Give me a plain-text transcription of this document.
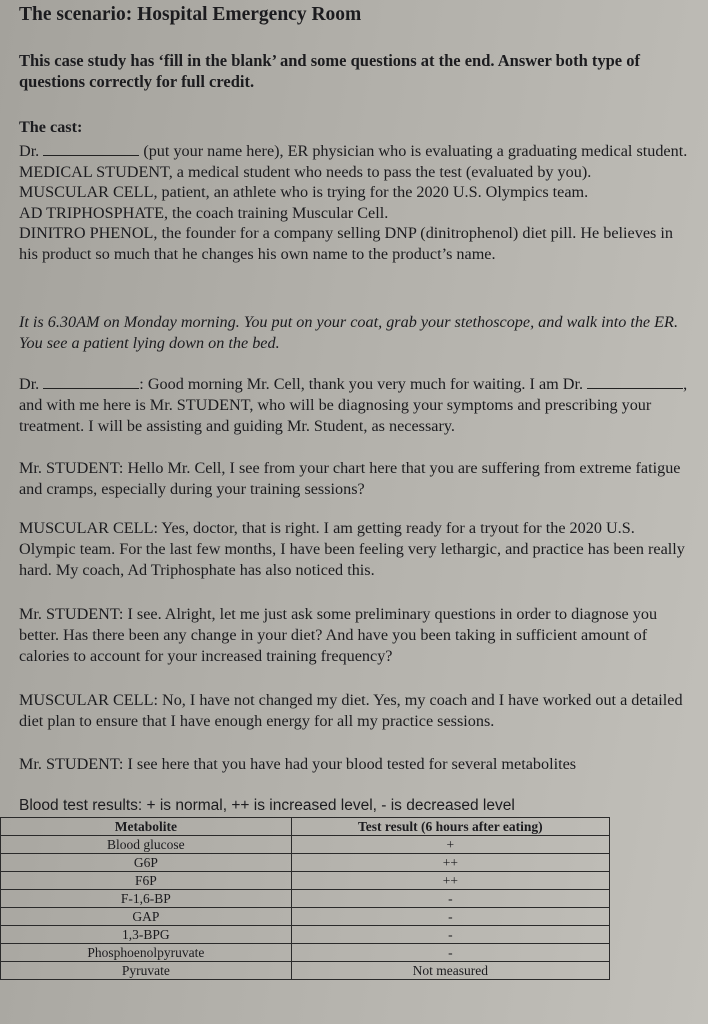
The scenario: Hospital Emergency Room
This case study has ‘fill in the blank’ and some questions at the end. Answer both type of questions correctly for full credit.
The cast:
Dr.	(put your name here), ER physician who is evaluating a graduating medical student.
MEDICAL STUDENT, a medical student who needs to pass the test (evaluated by you).
MUSCULAR CELL, patient, an athlete who is trying for the 2020 U.S. Olympics team.
AD TRIPHOSPHATE, the coach training Muscular Cell.
DINITRO PHENOL, the founder for a company selling DNP (dinitrophenol) diet pill. He believes in his product so much that he changes his own name to the product’s name.
It is 6.30AM on Monday morning. You put on your coat, grab your stethoscope, and walk into the ER. You see a patient lying down on the bed.
Dr.	: Good morning Mr. Cell, thank you very much for waiting. I am Dr.	, and with me here is Mr. STUDENT, who will be diagnosing your symptoms and prescribing your treatment. I will be assisting and guiding Mr. Student, as necessary.
Mr. STUDENT: Hello Mr. Cell, I see from your chart here that you are suffering from extreme fatigue and cramps, especially during your training sessions?
MUSCULAR CELL: Yes, doctor, that is right. I am getting ready for a tryout for the 2020 U.S. Olympic team. For the last few months, I have been feeling very lethargic, and practice has been really hard. My coach, Ad Triphosphate has also noticed this.
Mr. STUDENT: I see. Alright, let me just ask some preliminary questions in order to diagnose you better. Has there been any change in your diet? And have you been taking in sufficient amount of calories to account for your increased training frequency?
MUSCULAR CELL: No, I have not changed my diet. Yes, my coach and I have worked out a detailed diet plan to ensure that I have enough energy for all my practice sessions.
Mr. STUDENT: I see here that you have had your blood tested for several metabolites
Blood test results: + is normal, ++ is increased level, - is decreased level
Metabolite	Test result (6 hours after eating)
Blood glucose	+
G6P	++
F6P	++
F-1,6-BP	-
GAP	-
1,3-BPG	-
Phosphoenolpyruvate	-
Pyruvate	Not measured
